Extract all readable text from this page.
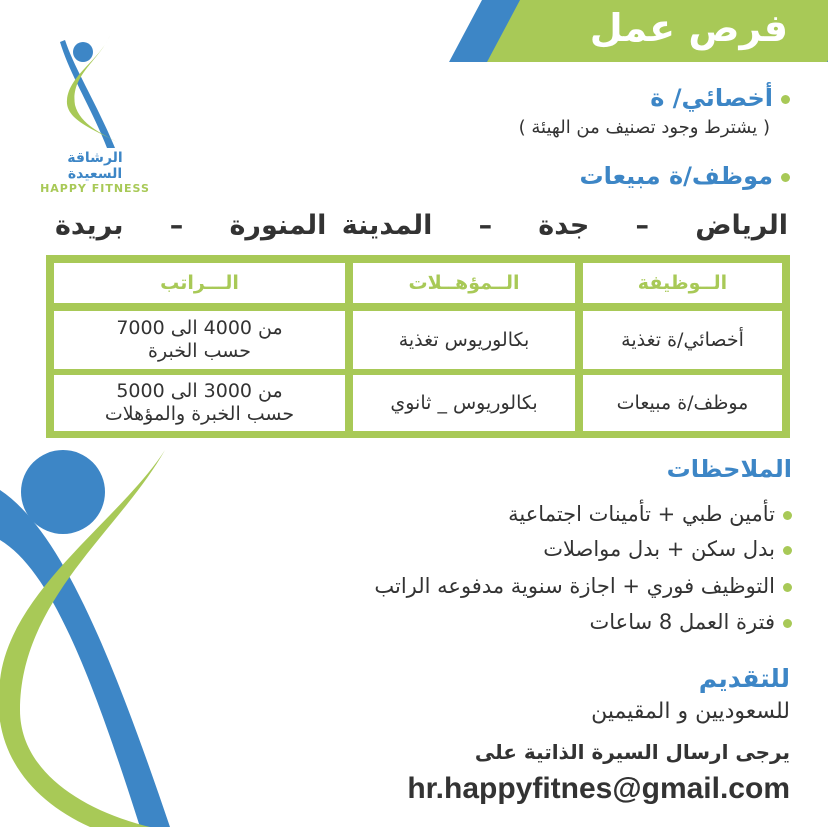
الرشاقة السعيدة
HAPPY FITNESS
فرص عمل
أخصائي/ ة
( يشترط وجود تصنيف من الهيئة )
موظف/ة مبيعات
الرياض   –   جدة   –   المدينة المنورة   –   بريدة
الــوظيفة
الــمؤهــلات
الـــراتب
أخصائي/ة تغذية
بكالوريوس تغذية
من 4000 الى 7000
حسب الخبرة
موظف/ة مبيعات
بكالوريوس _ ثانوي
من 3000 الى 5000
حسب الخبرة والمؤهلات
الملاحظات
تأمين طبي + تأمينات اجتماعية
بدل سكن + بدل مواصلات
التوظيف فوري + اجازة سنوية مدفوعه الراتب
فترة العمل 8 ساعات
للتقديم
للسعوديين و المقيمين
يرجى ارسال السيرة الذاتية على
hr.happyfitnes@gmail.com
